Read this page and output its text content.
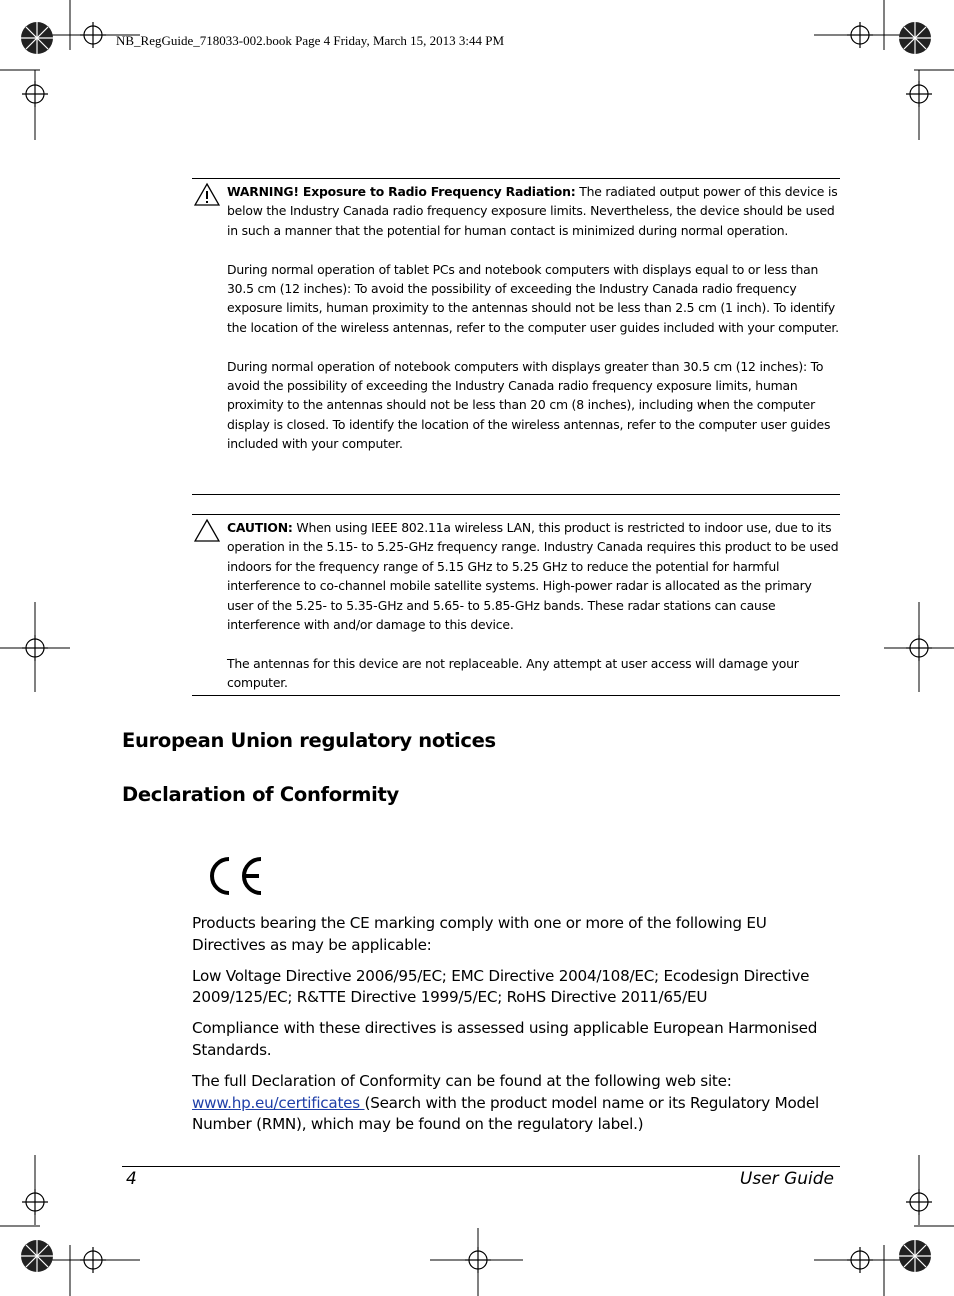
NB_RegGuide_718033-002.book Page 4 Friday, March 15, 2013 3:44 PM

WARNING! Exposure to Radio Frequency Radiation: The radiated output power of this device is below the Industry Canada radio frequency exposure limits. Nevertheless, the device should be used in such a manner that the potential for human contact is minimized during normal operation.

During normal operation of tablet PCs and notebook computers with displays equal to or less than 30.5 cm (12 inches): To avoid the possibility of exceeding the Industry Canada radio frequency exposure limits, human proximity to the antennas should not be less than 2.5 cm (1 inch). To identify the location of the wireless antennas, refer to the computer user guides included with your computer.

During normal operation of notebook computers with displays greater than 30.5 cm (12 inches): To avoid the possibility of exceeding the Industry Canada radio frequency exposure limits, human proximity to the antennas should not be less than 20 cm (8 inches), including when the computer display is closed. To identify the location of the wireless antennas, refer to the computer user guides included with your computer.

CAUTION: When using IEEE 802.11a wireless LAN, this product is restricted to indoor use, due to its operation in the 5.15- to 5.25-GHz frequency range. Industry Canada requires this product to be used indoors for the frequency range of 5.15 GHz to 5.25 GHz to reduce the potential for harmful interference to co-channel mobile satellite systems. High-power radar is allocated as the primary user of the 5.25- to 5.35-GHz and 5.65- to 5.85-GHz bands. These radar stations can cause interference with and/or damage to this device.

The antennas for this device are not replaceable. Any attempt at user access will damage your computer.

European Union regulatory notices
Declaration of Conformity

Products bearing the CE marking comply with one or more of the following EU Directives as may be applicable:

Low Voltage Directive 2006/95/EC; EMC Directive 2004/108/EC; Ecodesign Directive 2009/125/EC; R&TTE Directive 1999/5/EC; RoHS Directive 2011/65/EU

Compliance with these directives is assessed using applicable European Harmonised Standards.

The full Declaration of Conformity can be found at the following web site: www.hp.eu/certificates (Search with the product model name or its Regulatory Model Number (RMN), which may be found on the regulatory label.)

4	User Guide
